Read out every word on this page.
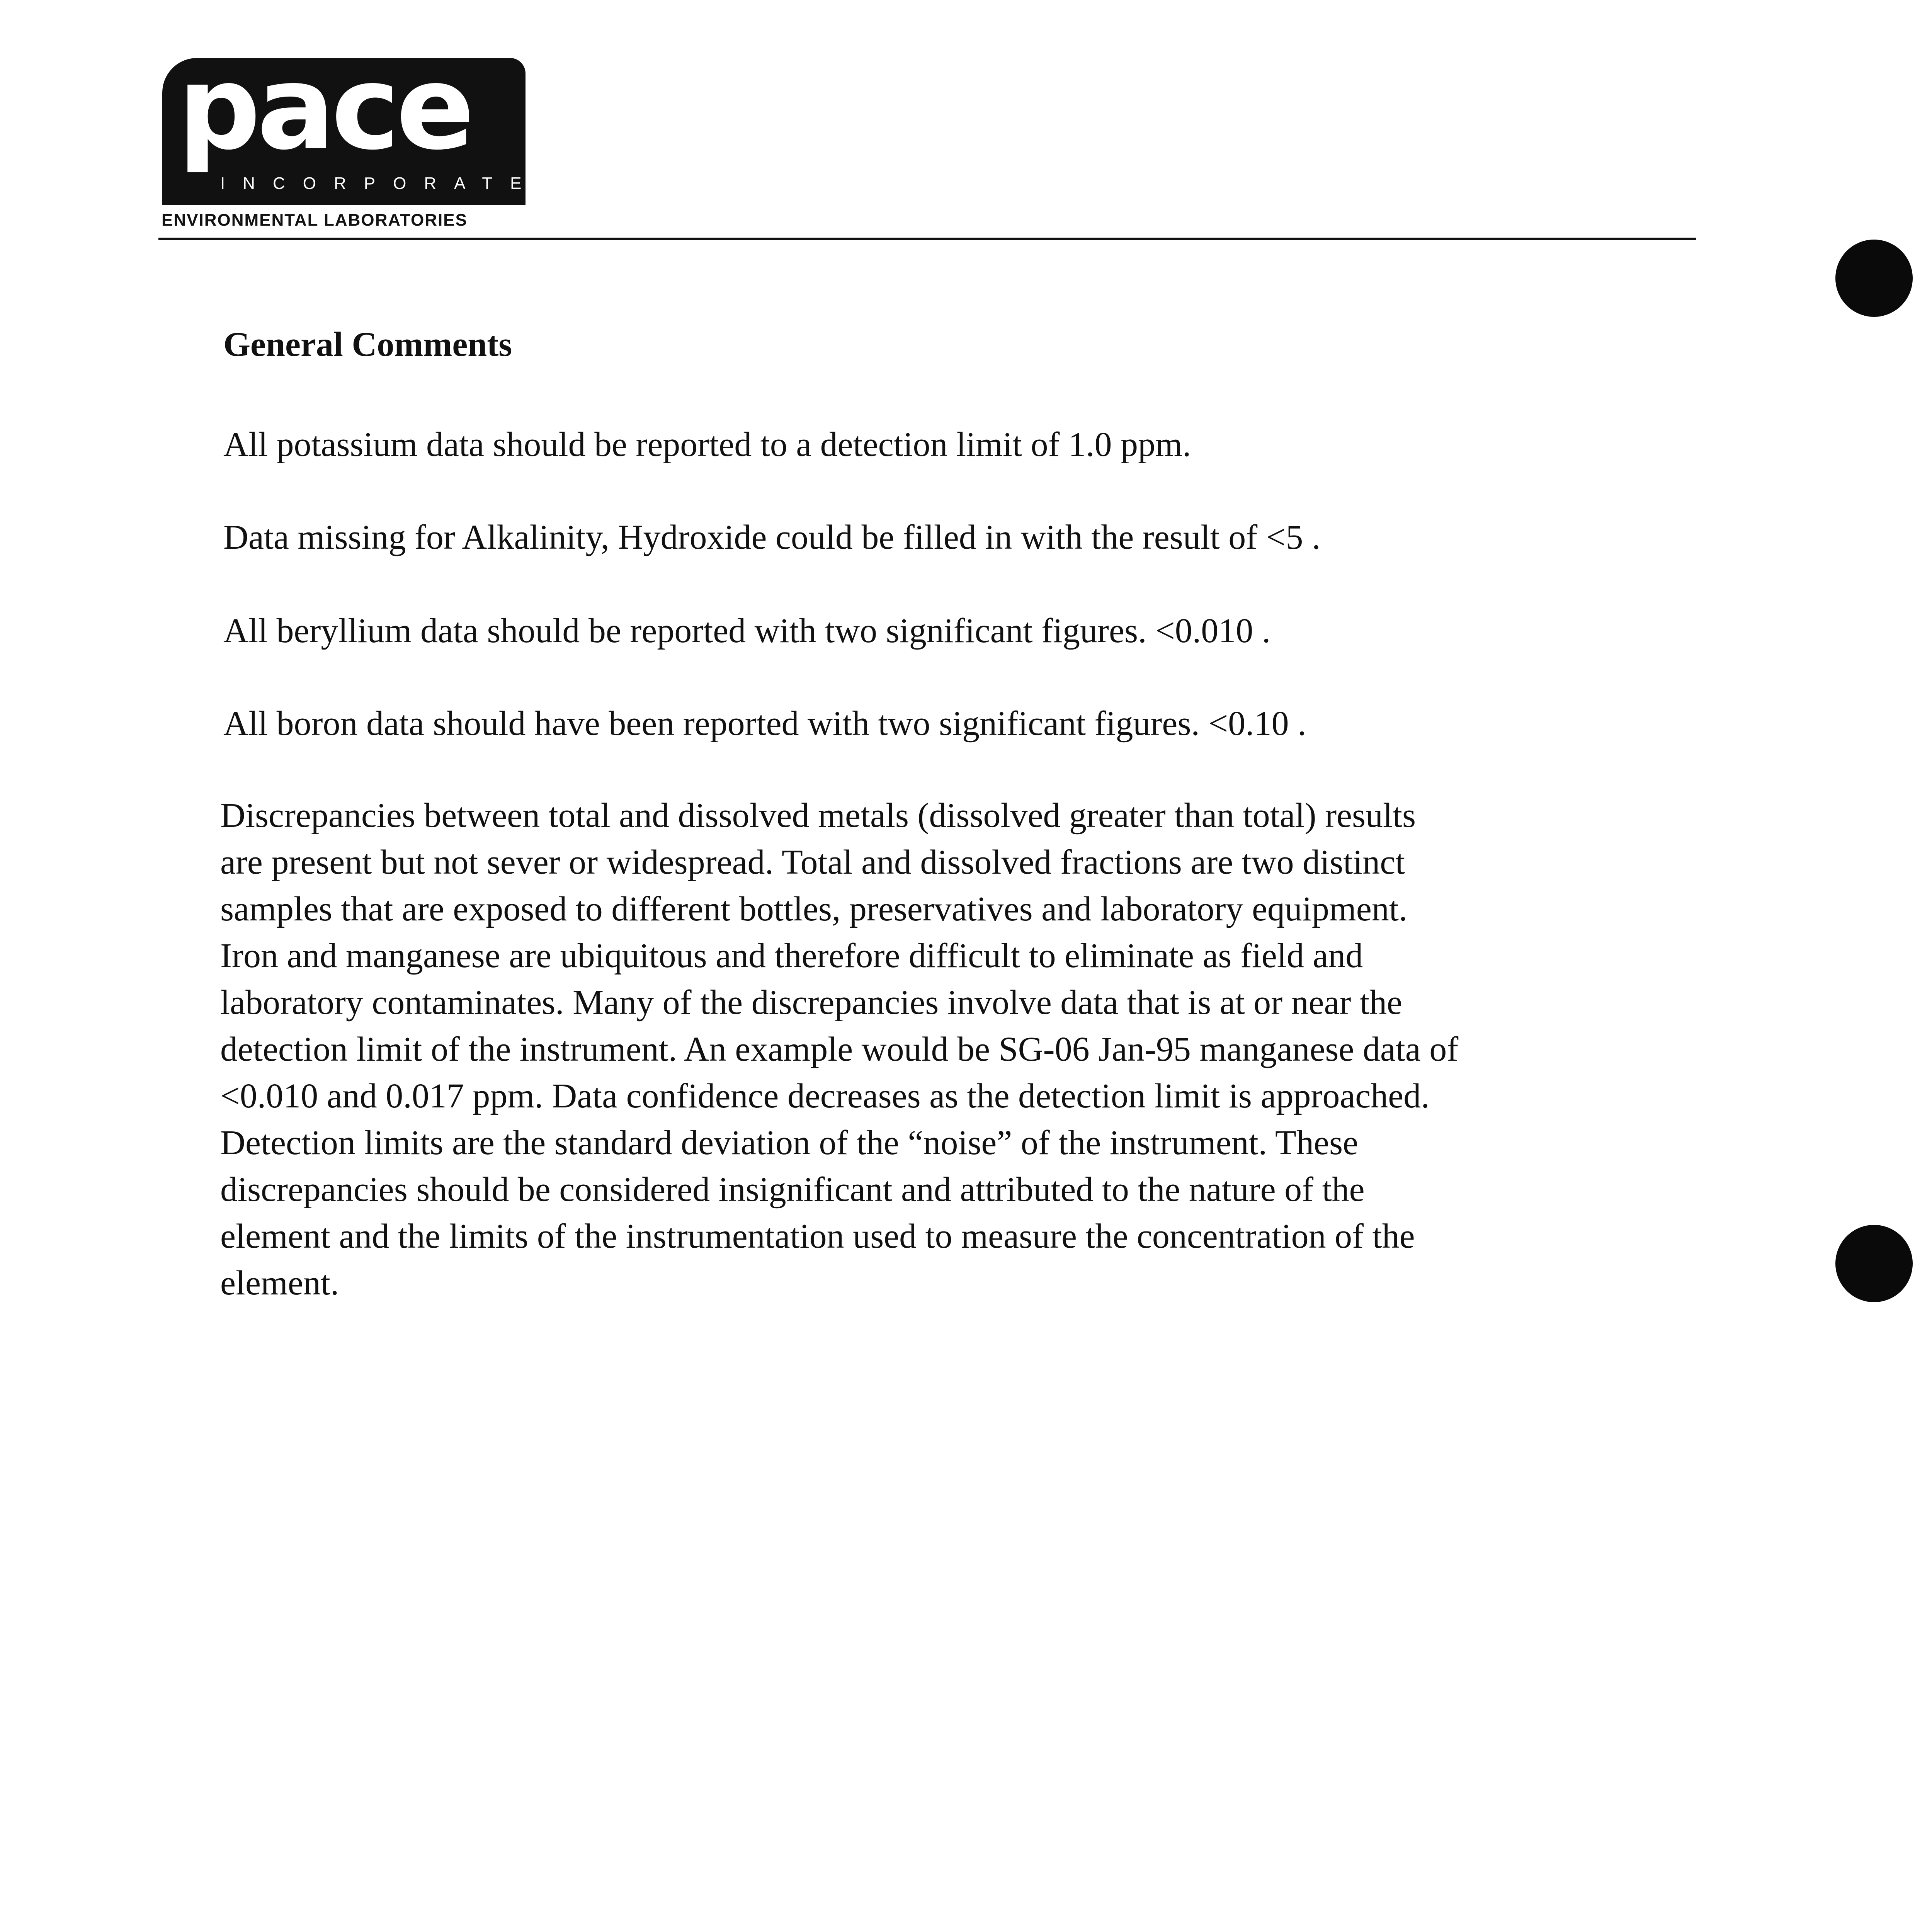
pace
INCORPORATED
ENVIRONMENTAL LABORATORIES
General Comments
All potassium data should be reported to a detection limit of 1.0 ppm.
Data missing for Alkalinity, Hydroxide could be filled in with the result of <5 .
All beryllium data should be reported with two significant figures. <0.010 .
All boron data should have been reported with two significant figures. <0.10 .
Discrepancies between total and dissolved metals (dissolved greater than total) results
are present but not sever or widespread. Total and dissolved fractions are two distinct
samples that are exposed to different bottles, preservatives and laboratory equipment.
Iron and manganese are ubiquitous and therefore difficult to eliminate as field and
laboratory contaminates. Many of the discrepancies involve data that is at or near the
detection limit of the instrument. An example would be SG-06 Jan-95 manganese data of
<0.010 and 0.017 ppm. Data confidence decreases as the detection limit is approached.
Detection limits are the standard deviation of the “noise” of the instrument. These
discrepancies should be considered insignificant and attributed to the nature of the
element and the limits of the instrumentation used to measure the concentration of the
element.
